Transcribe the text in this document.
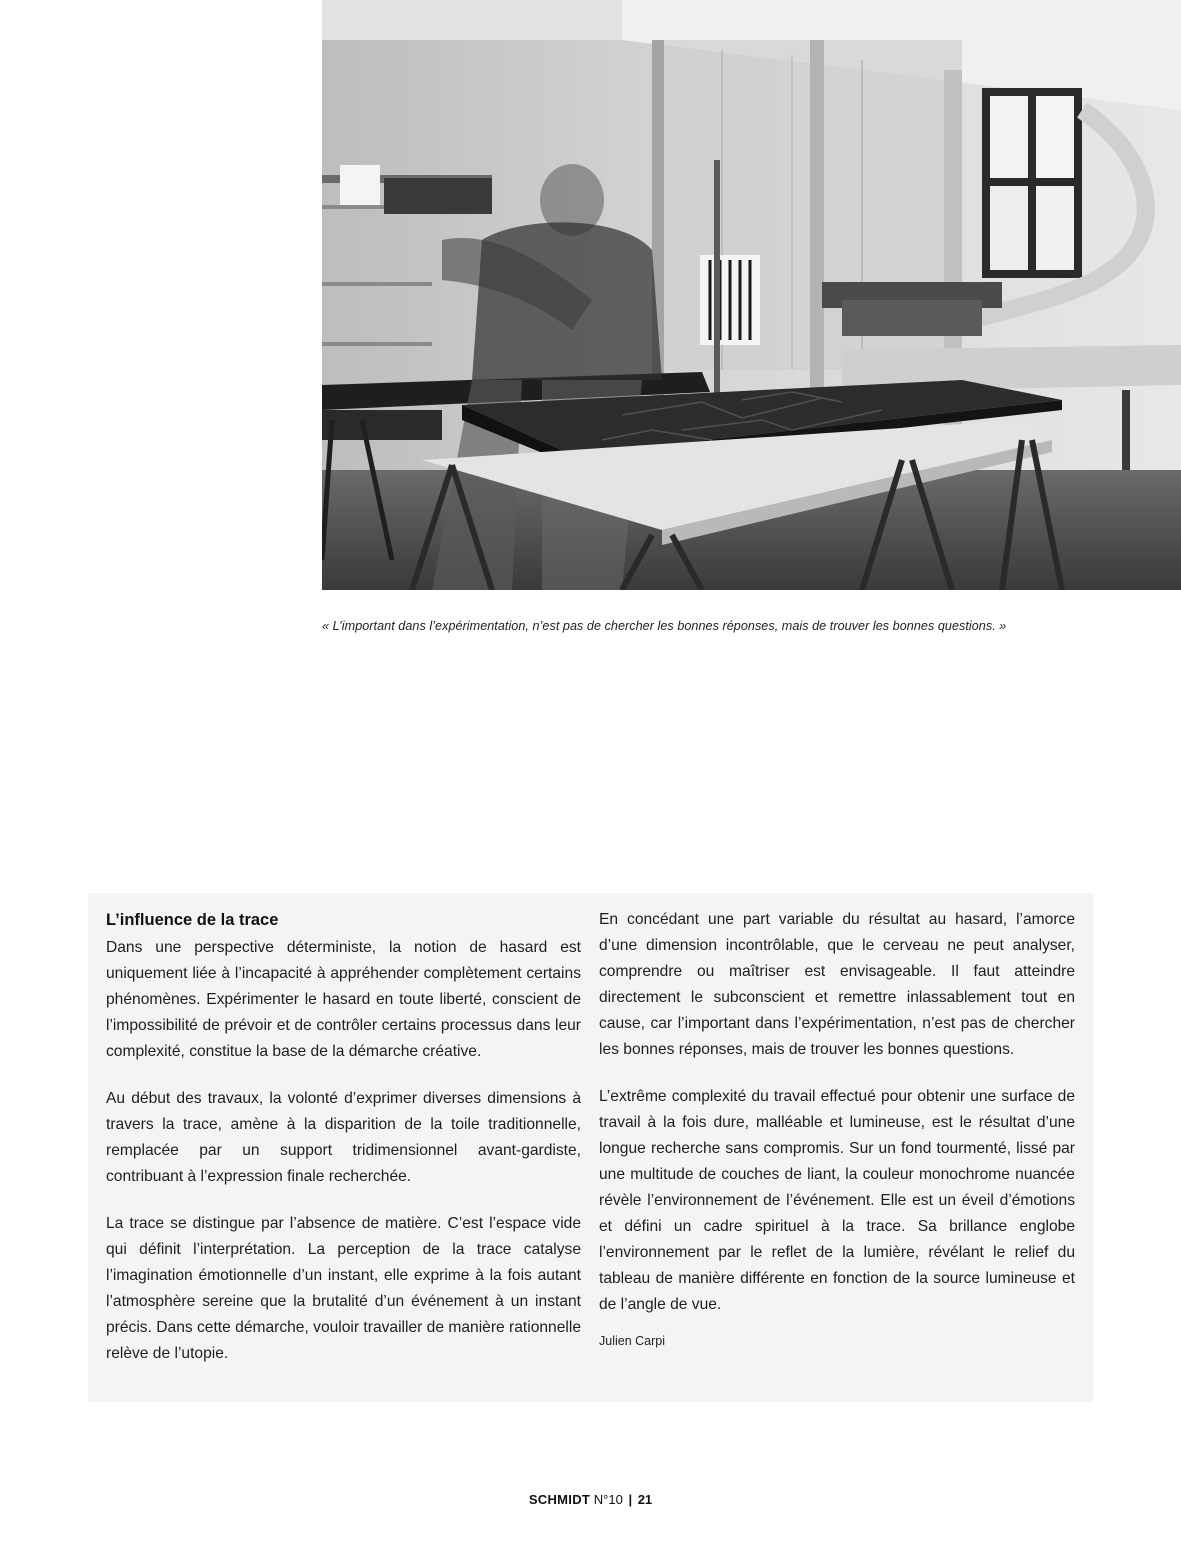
« L’important dans l’expérimentation, n’est pas de chercher les bonnes réponses, mais de trouver les bonnes questions. »
L’influence de la trace

Dans une perspective déterministe, la notion de hasard est uniquement liée à l’incapacité à appréhender complètement certains phénomènes. Expérimenter le hasard en toute liberté, conscient de l’impossibilité de prévoir et de contrôler certains processus dans leur complexité, constitue la base de la démarche créative.

Au début des travaux, la volonté d’exprimer diverses dimensions à travers la trace, amène à la disparition de la toile traditionnelle, remplacée par un support tridimensionnel avant-gardiste, contribuant à l’expression finale recherchée.

La trace se distingue par l’absence de matière. C’est l’espace vide qui définit l’interprétation. La perception de la trace catalyse l’imagination émotionnelle d’un instant, elle exprime à la fois autant l’atmosphère sereine que la brutalité d’un événement à un instant précis. Dans cette démarche, vouloir travailler de manière rationnelle relève de l’utopie.

En concédant une part variable du résultat au hasard, l’amorce d’une dimension incontrôlable, que le cerveau ne peut analyser, comprendre ou maîtriser est envisageable. Il faut atteindre directement le subconscient et remettre inlassablement tout en cause, car l’important dans l’expérimentation, n’est pas de chercher les bonnes réponses, mais de trouver les bonnes questions.

L’extrême complexité du travail effectué pour obtenir une surface de travail à la fois dure, malléable et lumineuse, est le résultat d’une longue recherche sans compromis. Sur un fond tourmenté, lissé par une multitude de couches de liant, la couleur monochrome nuancée révèle l’environnement de l’événement. Elle est un éveil d’émotions et défini un cadre spirituel à la trace. Sa brillance englobe l’environnement par le reflet de la lumière, révélant le relief du tableau de manière différente en fonction de la source lumineuse et de l’angle de vue.

Julien Carpi
SCHMIDT N°10 | 21
